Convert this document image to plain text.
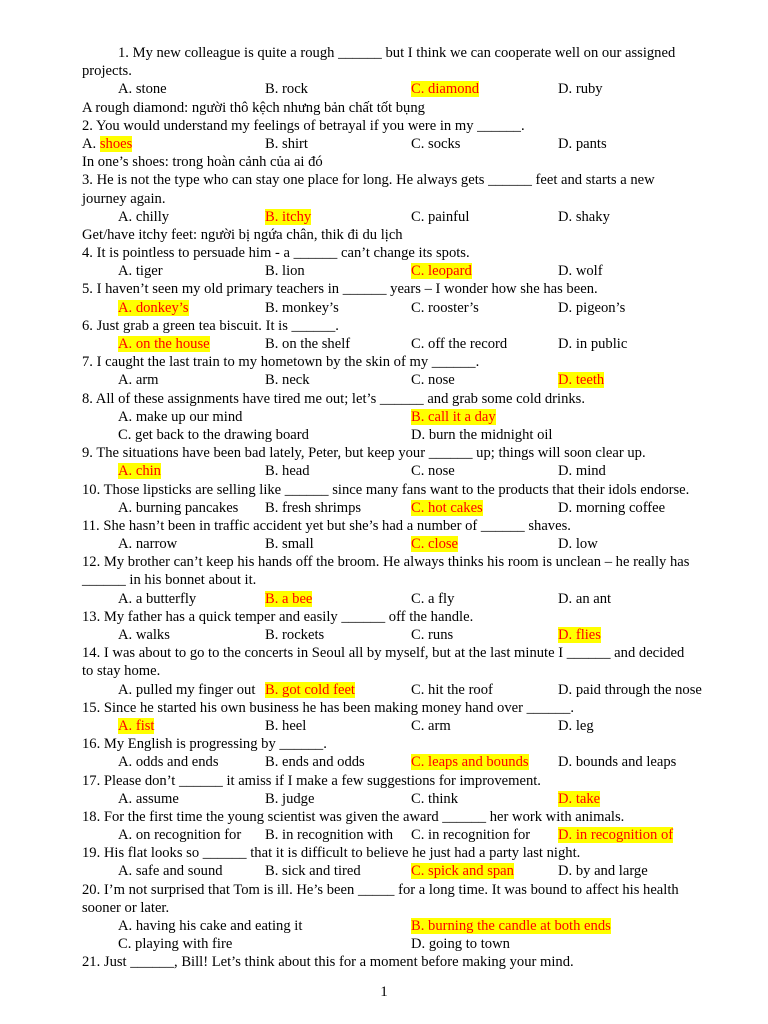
1. My new colleague is quite a rough ______ but I think we can cooperate well on our assigned
projects.
A. stone	B. rock	C. diamond	D. ruby
A rough diamond: người thô kệch nhưng bản chất tốt bụng
2. You would understand my feelings of betrayal if you were in my ______.
A. shoes	B. shirt	C. socks	D. pants
In one’s shoes: trong hoàn cảnh của ai đó
3. He is not the type who can stay one place for long. He always gets ______ feet and starts a new
journey again.
A. chilly	B. itchy	C. painful	D. shaky
Get/have itchy feet: người bị ngứa chân, thik đi du lịch
4. It is pointless to persuade him - a ______ can’t change its spots.
A. tiger	B. lion	C. leopard	D. wolf
5. I haven’t seen my old primary teachers in ______ years – I wonder how she has been.
A. donkey’s	B. monkey’s	C. rooster’s	D. pigeon’s
6. Just grab a green tea biscuit. It is ______.
A. on the house	B. on the shelf	C. off the record	D. in public
7. I caught the last train to my hometown by the skin of my ______.
A. arm	B. neck	C. nose	D. teeth
8. All of these assignments have tired me out; let’s ______ and grab some cold drinks.
A. make up our mind	B. call it a day
C. get back to the drawing board	D. burn the midnight oil
9. The situations have been bad lately, Peter, but keep your ______ up; things will soon clear up.
A. chin	B. head	C. nose	D. mind
10. Those lipsticks are selling like ______ since many fans want to the products that their idols endorse.
A. burning pancakes B. fresh shrimps	C. hot cakes	D. morning coffee
11. She hasn’t been in traffic accident yet but she’s had a number of ______ shaves.
A. narrow	B. small	C. close	D. low
12. My brother can’t keep his hands off the broom. He always thinks his room is unclean – he really has
______ in his bonnet about it.
A. a butterfly	B. a bee	C. a fly	D. an ant
13. My father has a quick temper and easily ______ off the handle.
A. walks	B. rockets	C. runs	D. flies
14. I was about to go to the concerts in Seoul all by myself, but at the last minute I ______ and decided
to stay home.
A. pulled my finger out B. got cold feet	C. hit the roof	D. paid through the nose
15. Since he started his own business he has been making money hand over ______.
A. fist	B. heel	C. arm	D. leg
16. My English is progressing by ______.
A. odds and ends	B. ends and odds	C. leaps and bounds D. bounds and leaps
17. Please don’t ______ it amiss if I make a few suggestions for improvement.
A. assume	B. judge	C. think	D. take
18. For the first time the young scientist was given the award ______ her work with animals.
A. on recognition for B. in recognition with C. in recognition for D. in recognition of
19. His flat looks so ______ that it is difficult to believe he just had a party last night.
A. safe and sound	B. sick and tired	C. spick and span	D. by and large
20. I’m not surprised that Tom is ill. He’s been _____ for a long time. It was bound to affect his health
sooner or later.
A. having his cake and eating it	B. burning the candle at both ends
C. playing with fire	D. going to town
21. Just ______, Bill! Let’s think about this for a moment before making your mind.
1
